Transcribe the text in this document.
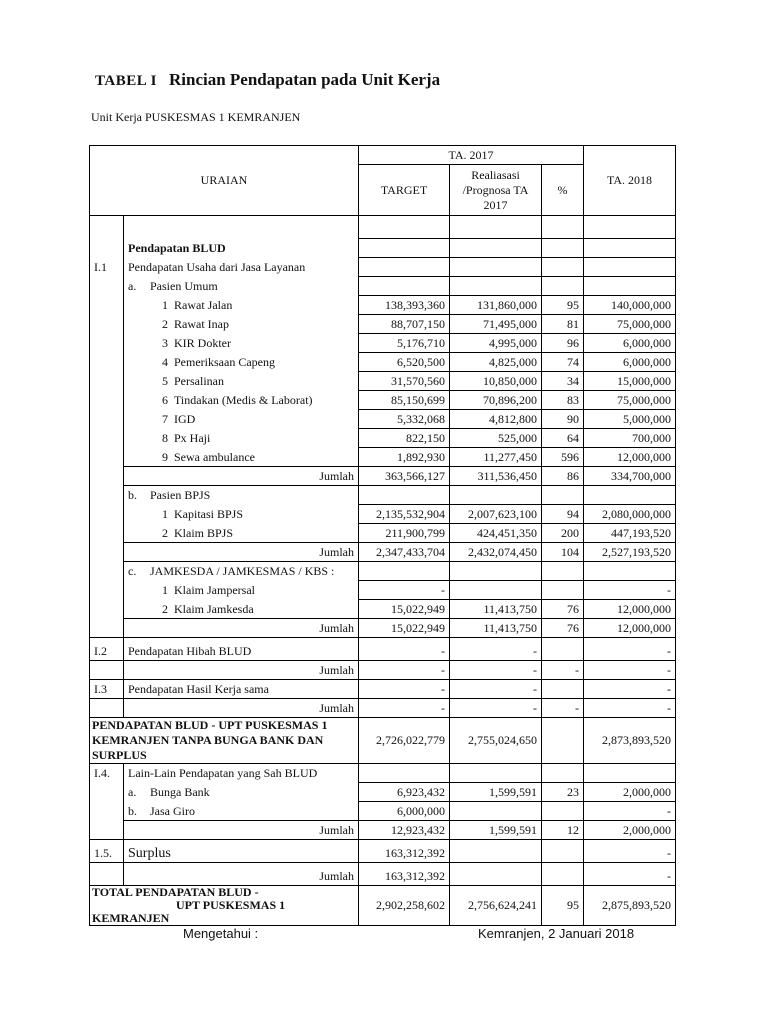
TABEL I Rincian Pendapatan pada Unit Kerja
Unit Kerja PUSKESMAS 1 KEMRANJEN
URAIAN		TA. 2017			TA. 2018
		TARGET	Realiasasi /Prognosa TA 2017	%	

	Pendapatan BLUD				
I.1	Pendapatan Usaha dari Jasa Layanan				
	a. Pasien Umum				
	1 Rawat Jalan	138,393,360	131,860,000	95	140,000,000
	2 Rawat Inap	88,707,150	71,495,000	81	75,000,000
	3 KIR Dokter	5,176,710	4,995,000	96	6,000,000
	4 Pemeriksaan Capeng	6,520,500	4,825,000	74	6,000,000
	5 Persalinan	31,570,560	10,850,000	34	15,000,000
	6 Tindakan (Medis & Laborat)	85,150,699	70,896,200	83	75,000,000
	7 IGD	5,332,068	4,812,800	90	5,000,000
	8 Px Haji	822,150	525,000	64	700,000
	9 Sewa ambulance	1,892,930	11,277,450	596	12,000,000
	Jumlah	363,566,127	311,536,450	86	334,700,000
	b. Pasien BPJS				
	1 Kapitasi BPJS	2,135,532,904	2,007,623,100	94	2,080,000,000
	2 Klaim BPJS	211,900,799	424,451,350	200	447,193,520
	Jumlah	2,347,433,704	2,432,074,450	104	2,527,193,520
	c. JAMKESDA / JAMKESMAS / KBS :				
	1 Klaim Jampersal	-			-
	2 Klaim Jamkesda	15,022,949	11,413,750	76	12,000,000
	Jumlah	15,022,949	11,413,750	76	12,000,000
I.2	Pendapatan Hibah BLUD	-	-		-
	Jumlah	-	-	-	-
I.3	Pendapatan Hasil Kerja sama	-	-		-
	Jumlah	-	-	-	-
PENDAPATAN BLUD - UPT PUSKESMAS 1 KEMRANJEN TANPA BUNGA BANK DAN SURPLUS		2,726,022,779	2,755,024,650		2,873,893,520
I.4.	Lain-Lain Pendapatan yang Sah BLUD				
	a. Bunga Bank	6,923,432	1,599,591	23	2,000,000
	b. Jasa Giro	6,000,000			-
	Jumlah	12,923,432	1,599,591	12	2,000,000
1.5.	Surplus	163,312,392			-
	Jumlah	163,312,392			-

TOTAL PENDAPATAN BLUD -
UPT PUSKESMAS 1
KEMRANJEN		2,902,258,602	2,756,624,241	95	2,875,893,520
Mengetahui :	Kemranjen, 2 Januari 2018
